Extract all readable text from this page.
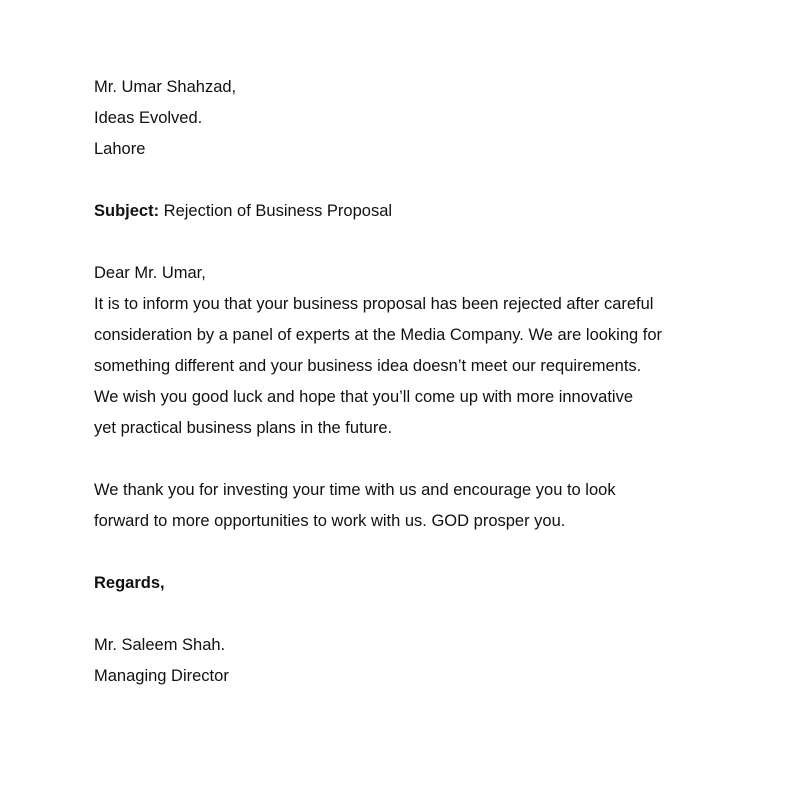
Mr. Umar Shahzad,
Ideas Evolved.
Lahore
Subject: Rejection of Business Proposal
Dear Mr. Umar,
It is to inform you that your business proposal has been rejected after careful
consideration by a panel of experts at the Media Company. We are looking for
something different and your business idea doesn’t meet our requirements.
We wish you good luck and hope that you’ll come up with more innovative
yet practical business plans in the future.
We thank you for investing your time with us and encourage you to look
forward to more opportunities to work with us. GOD prosper you.
Regards,
Mr. Saleem Shah.
Managing Director
